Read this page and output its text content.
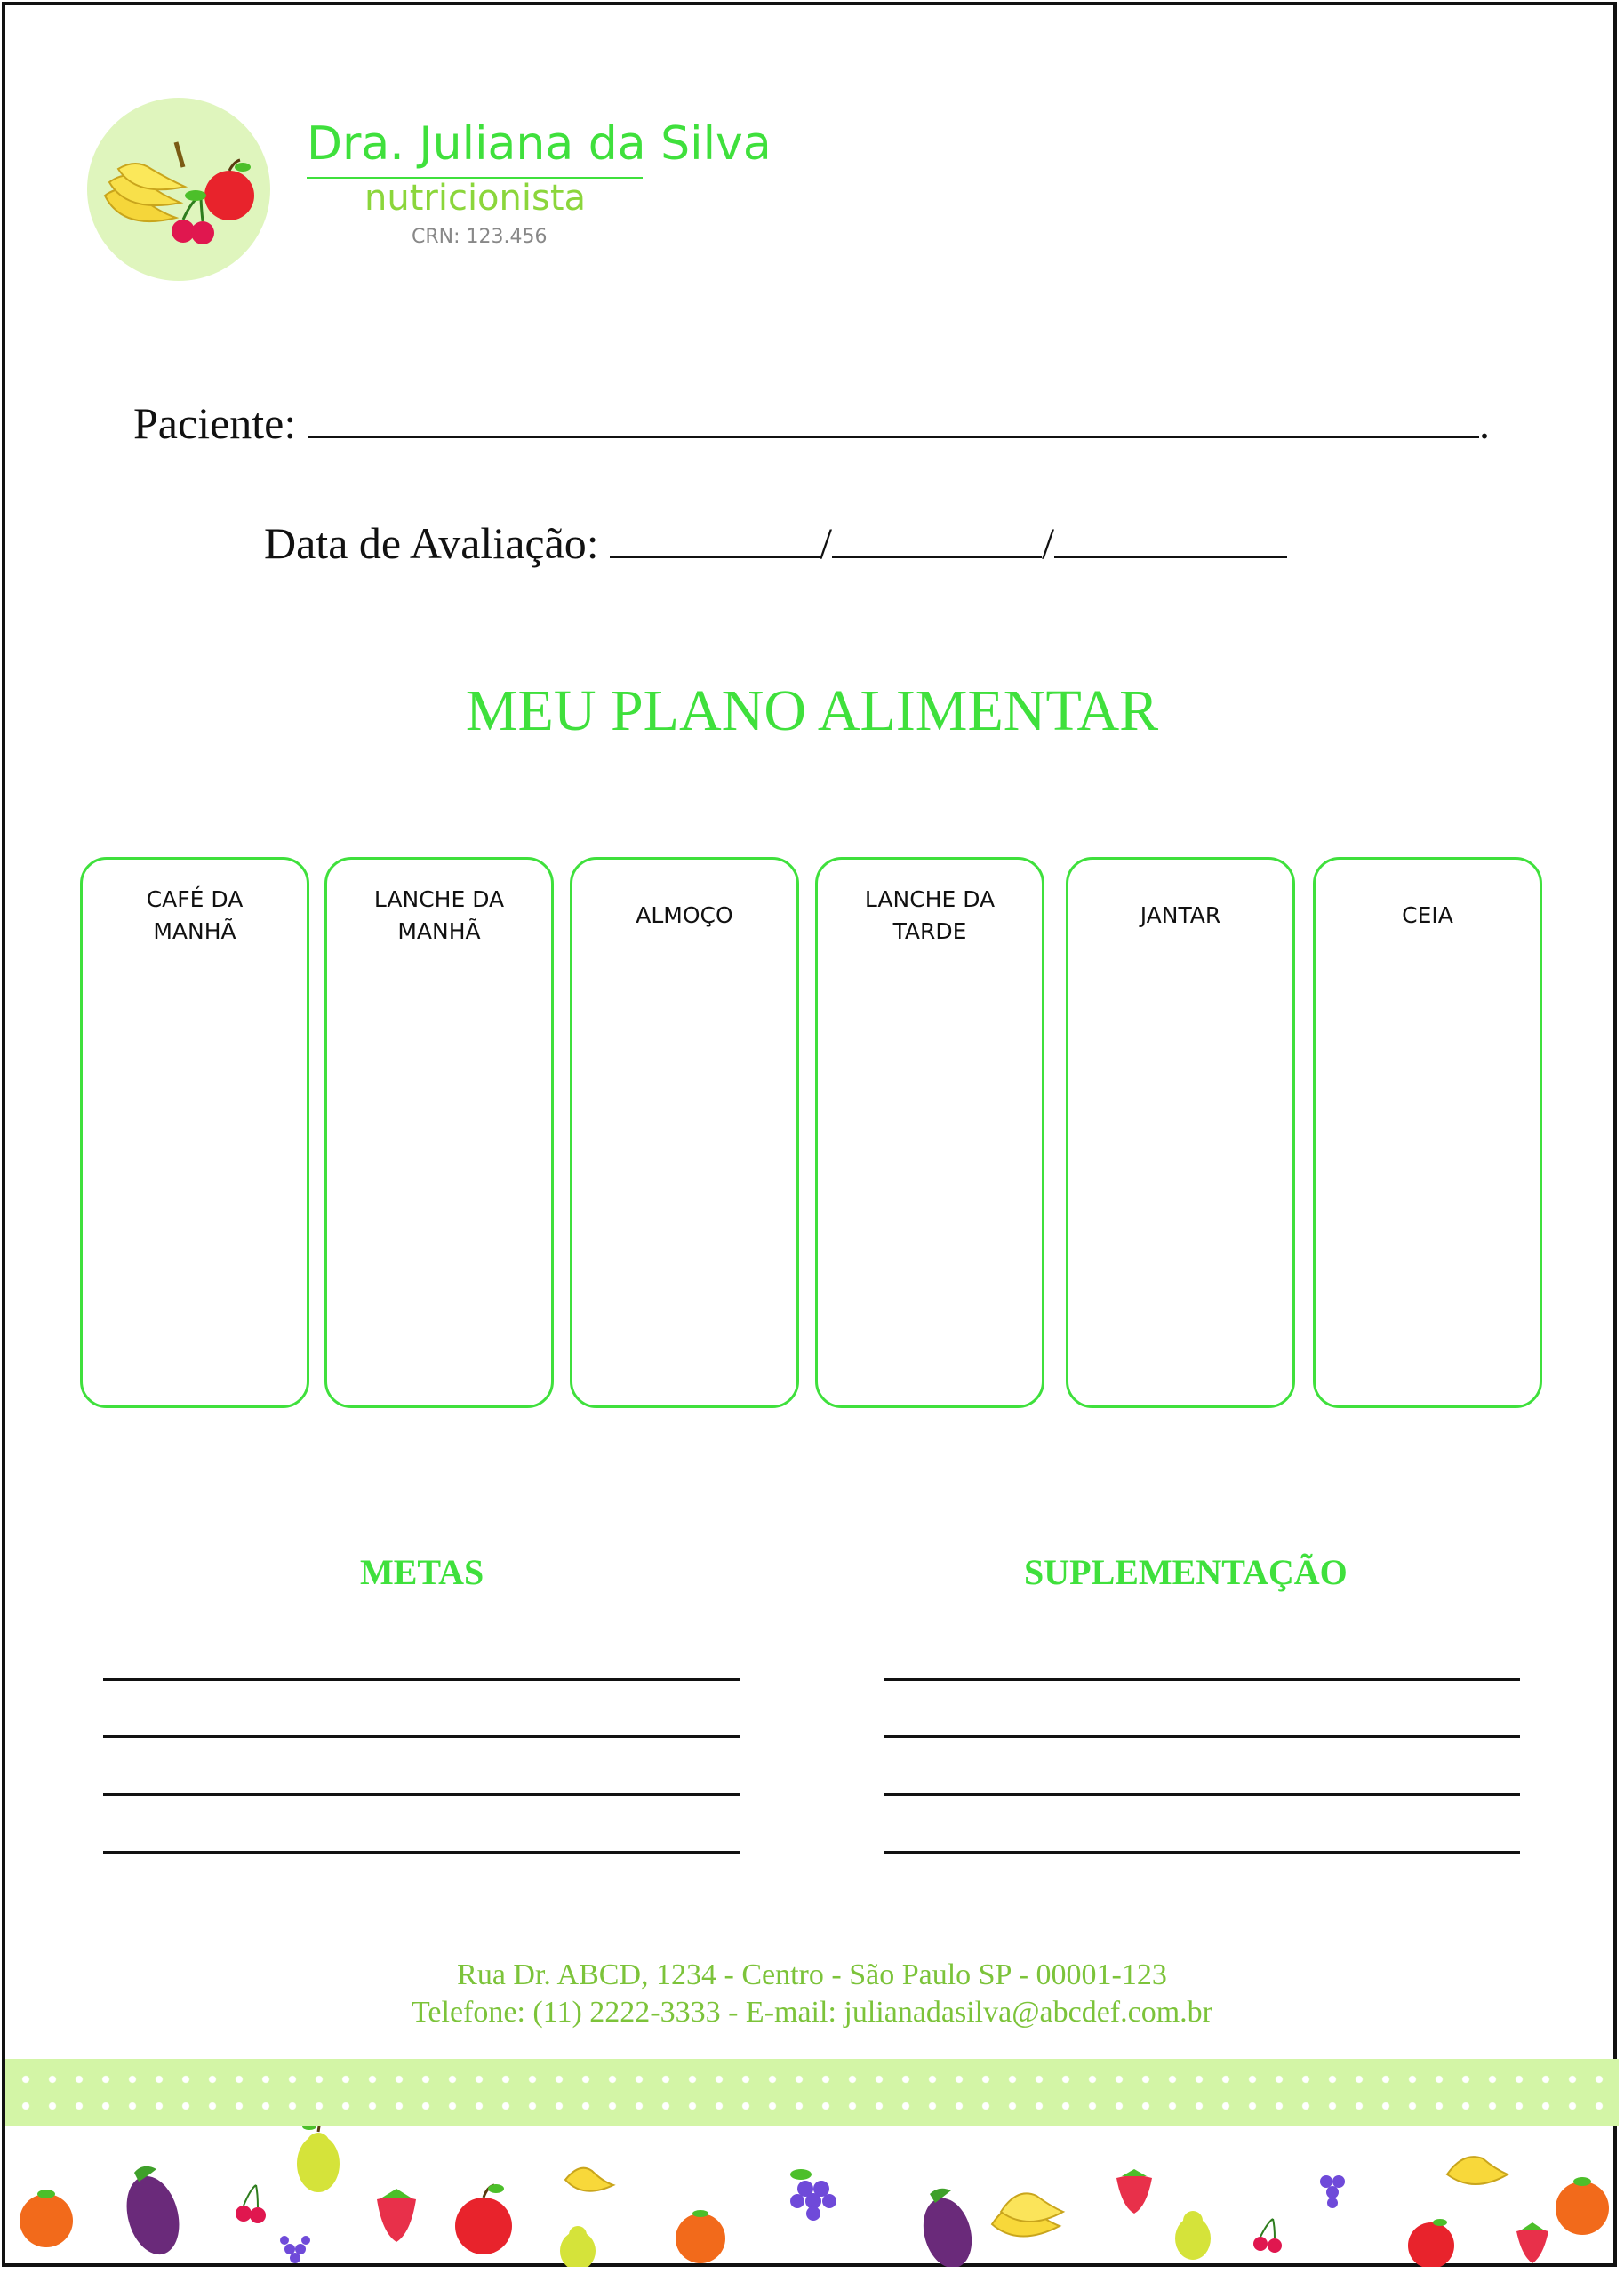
Dra. Juliana da Silva
nutricionista
CRN: 123.456
Paciente:	.
Data de Avaliação:	/	/
MEU PLANO ALIMENTAR
CAFÉ DA
MANHÃ
LANCHE DA
MANHÃ
ALMOÇO
LANCHE DA
TARDE
JANTAR	CEIA
METAS	SUPLEMENTAÇÃO
Rua Dr. ABCD, 1234 - Centro - São Paulo SP - 00001-123
Telefone: (11) 2222-3333 - E-mail: julianadasilva@abcdef.com.br
